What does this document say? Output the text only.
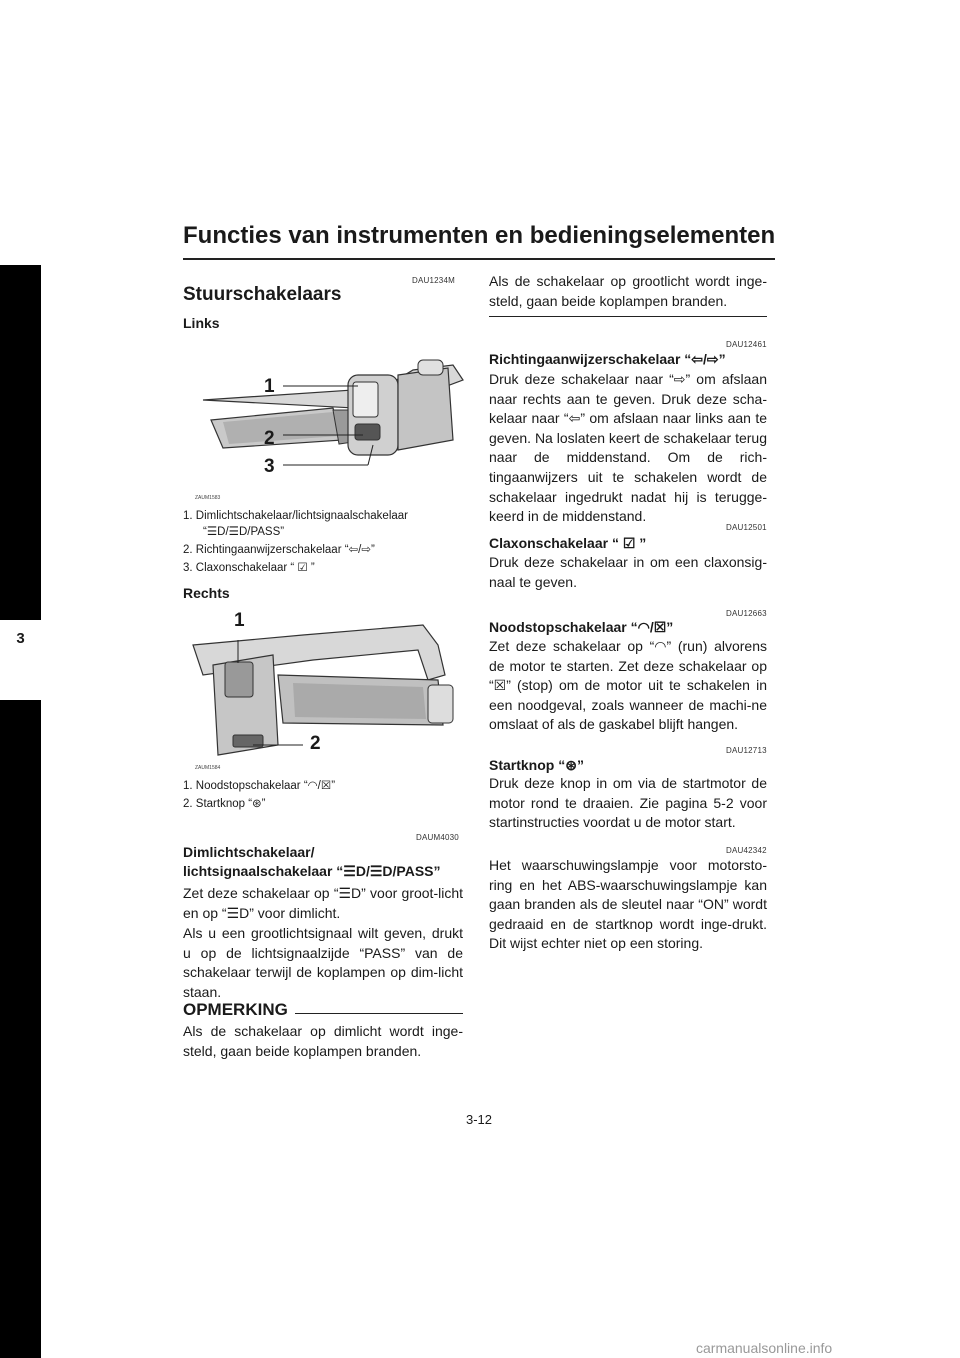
Functies van instrumenten en bedieningselementen
3
DAU1234M
Stuurschakelaars
Links
1
2
3
ZAUM1583
1. Dimlichtschakelaar/lichtsignaalschakelaar
“☰D/☰D/PASS”
2. Richtingaanwijzerschakelaar “⇦/⇨”
3. Claxonschakelaar “ ☑ ”
Rechts
1
2
ZAUM1584
1. Noodstopschakelaar “◠/☒”
2. Startknop “⊛”
DAUM4030
Dimlichtschakelaar/
lichtsignaalschakelaar “☰D/☰D/PASS”
Zet deze schakelaar op “☰D” voor groot-licht en op “☰D” voor dimlicht.
Als u een grootlichtsignaal wilt geven, drukt u op de lichtsignaalzijde “PASS” van de schakelaar terwijl de koplampen op dim-licht staan.
OPMERKING
Als de schakelaar op dimlicht wordt inge-steld, gaan beide koplampen branden.
Als de schakelaar op grootlicht wordt inge-steld, gaan beide koplampen branden.
DAU12461
Richtingaanwijzerschakelaar “⇦/⇨”
Druk deze schakelaar naar “⇨” om afslaan naar rechts aan te geven. Druk deze scha-kelaar naar “⇦” om afslaan naar links aan te geven. Na loslaten keert de schakelaar terug naar de middenstand. Om de rich-tingaanwijzers uit te schakelen wordt de schakelaar ingedrukt nadat hij is terugge-keerd in de middenstand.
DAU12501
Claxonschakelaar “ ☑ ”
Druk deze schakelaar in om een claxonsig-naal te geven.
DAU12663
Noodstopschakelaar “◠/☒”
Zet deze schakelaar op “◠” (run) alvorens de motor te starten. Zet deze schakelaar op “☒” (stop) om de motor uit te schakelen in een noodgeval, zoals wanneer de machi-ne omslaat of als de gaskabel blijft hangen.
DAU12713
Startknop “⊛”
Druk deze knop in om via de startmotor de motor rond te draaien. Zie pagina 5-2 voor startinstructies voordat u de motor start.
DAU42342
Het waarschuwingslampje voor motorsto-ring en het ABS-waarschuwingslampje kan gaan branden als de sleutel naar “ON” wordt gedraaid en de startknop wordt inge-drukt. Dit wijst echter niet op een storing.
3-12
carmanualsonline.info
